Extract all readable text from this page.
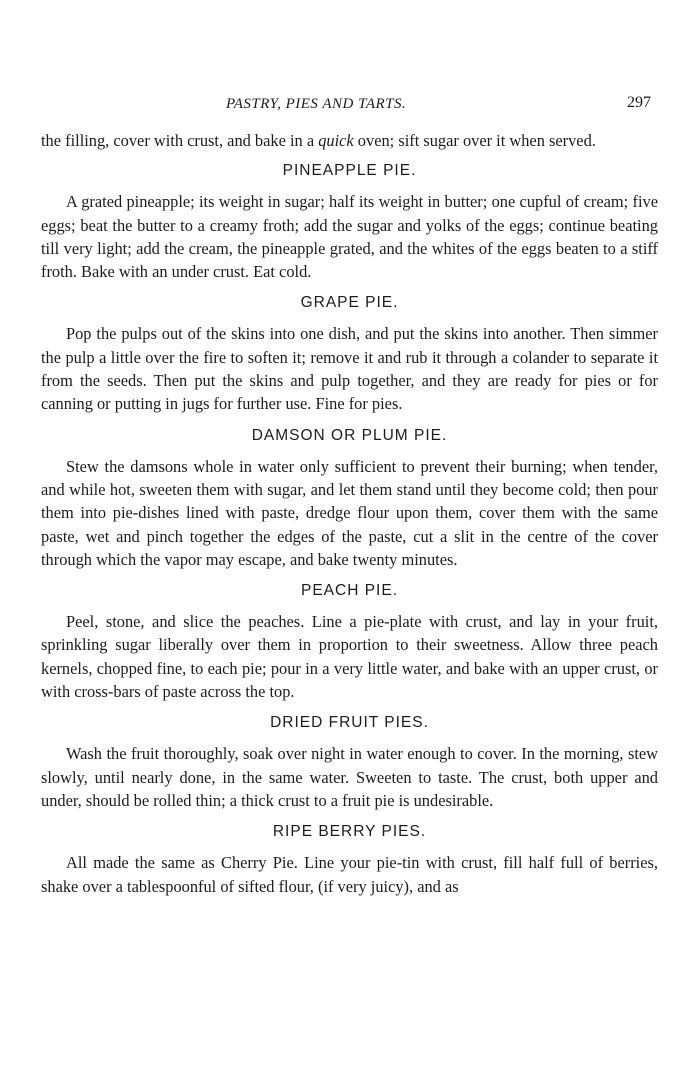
PASTRY, PIES AND TARTS.	297

the filling, cover with crust, and bake in a quick oven; sift sugar over it when served.

PINEAPPLE PIE.

A grated pineapple; its weight in sugar; half its weight in butter; one cupful of cream; five eggs; beat the butter to a creamy froth; add the sugar and yolks of the eggs; continue beating till very light; add the cream, the pineapple grated, and the whites of the eggs beaten to a stiff froth. Bake with an under crust. Eat cold.

GRAPE PIE.

Pop the pulps out of the skins into one dish, and put the skins into another. Then simmer the pulp a little over the fire to soften it; remove it and rub it through a colander to separate it from the seeds. Then put the skins and pulp together, and they are ready for pies or for canning or putting in jugs for further use. Fine for pies.

DAMSON OR PLUM PIE.

Stew the damsons whole in water only sufficient to prevent their burning; when tender, and while hot, sweeten them with sugar, and let them stand until they become cold; then pour them into pie-dishes lined with paste, dredge flour upon them, cover them with the same paste, wet and pinch together the edges of the paste, cut a slit in the centre of the cover through which the vapor may escape, and bake twenty minutes.

PEACH PIE.

Peel, stone, and slice the peaches. Line a pie-plate with crust, and lay in your fruit, sprinkling sugar liberally over them in proportion to their sweetness. Allow three peach kernels, chopped fine, to each pie; pour in a very little water, and bake with an upper crust, or with cross-bars of paste across the top.

DRIED FRUIT PIES.

Wash the fruit thoroughly, soak over night in water enough to cover. In the morning, stew slowly, until nearly done, in the same water. Sweeten to taste. The crust, both upper and under, should be rolled thin; a thick crust to a fruit pie is undesirable.

RIPE BERRY PIES.

All made the same as Cherry Pie. Line your pie-tin with crust, fill half full of berries, shake over a tablespoonful of sifted flour, (if very juicy), and as
